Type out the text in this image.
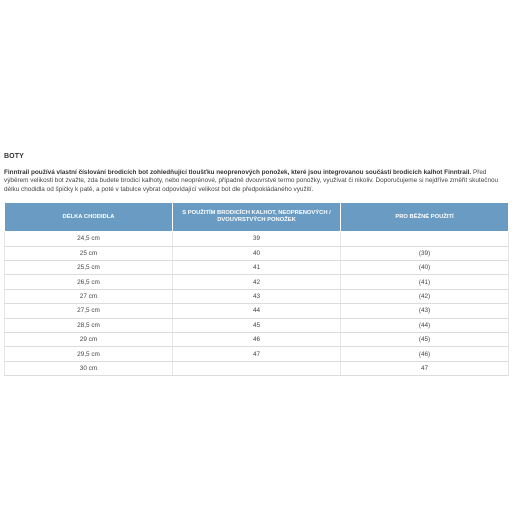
BOTY

Finntrail používá vlastní číslování brodicích bot zohledňující tloušťku neoprenových ponožek, které jsou integrovanou součástí brodicích kalhot Finntrail. Před výběrem velikosti bot zvažte, zda budete brodicí kalhoty, nebo neoprénové, případně dvouvrstvé termo ponožky, využívat či nikoliv. Doporučujeme si nejdříve změřit skutečnou délku chodidla od špičky k patě, a poté v tabulce vybrat odpovídající velikost bot dle předpokládaného využití.

DÉLKA CHODIDLA	S POUŽITÍM BRODICÍCH KALHOT, NEOPRENOVÝCH / DVOUVRSTVÝCH PONOŽEK	PRO BĚŽNÉ POUŽITÍ
24,5 cm	39	
25 cm	40	(39)
25,5 cm	41	(40)
26,5 cm	42	(41)
27 cm	43	(42)
27,5 cm	44	(43)
28,5 cm	45	(44)
29 cm	46	(45)
29,5 cm	47	(46)
30 cm		47
